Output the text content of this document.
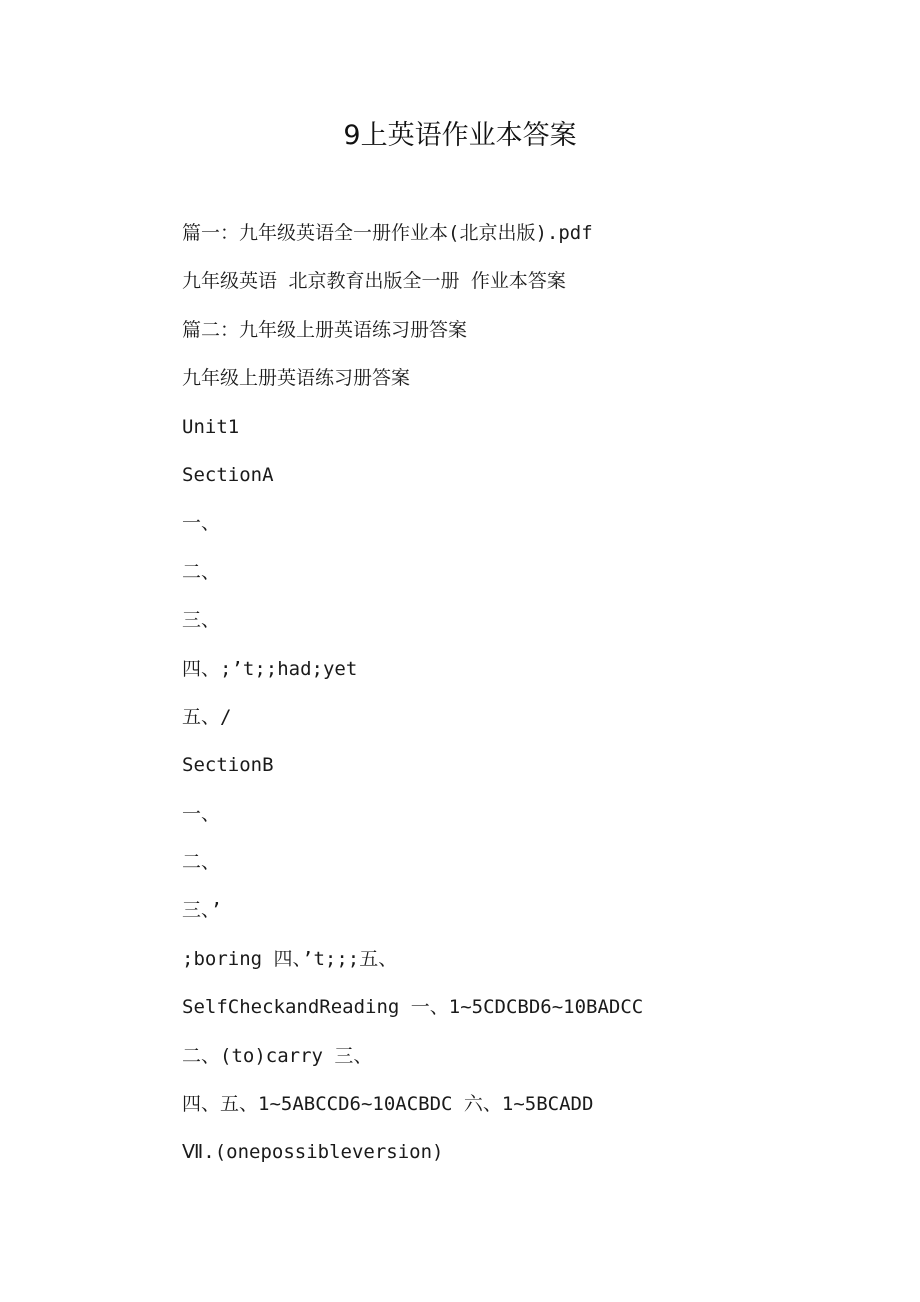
9上英语作业本答案
篇一：九年级英语全一册作业本(北京出版).pdf
九年级英语 北京教育出版全一册 作业本答案
篇二：九年级上册英语练习册答案
九年级上册英语练习册答案
Unit1
SectionA
一、
二、
三、
四、;’t;;had;yet
五、/
SectionB
一、
二、
三、’
;boring 四、’t;;;五、
SelfCheckandReading 一、1~5CDCBD6~10BADCC
二、(to)carry 三、
四、五、1~5ABCCD6~10ACBDC 六、1~5BCADD
Ⅶ.(onepossibleversion)
